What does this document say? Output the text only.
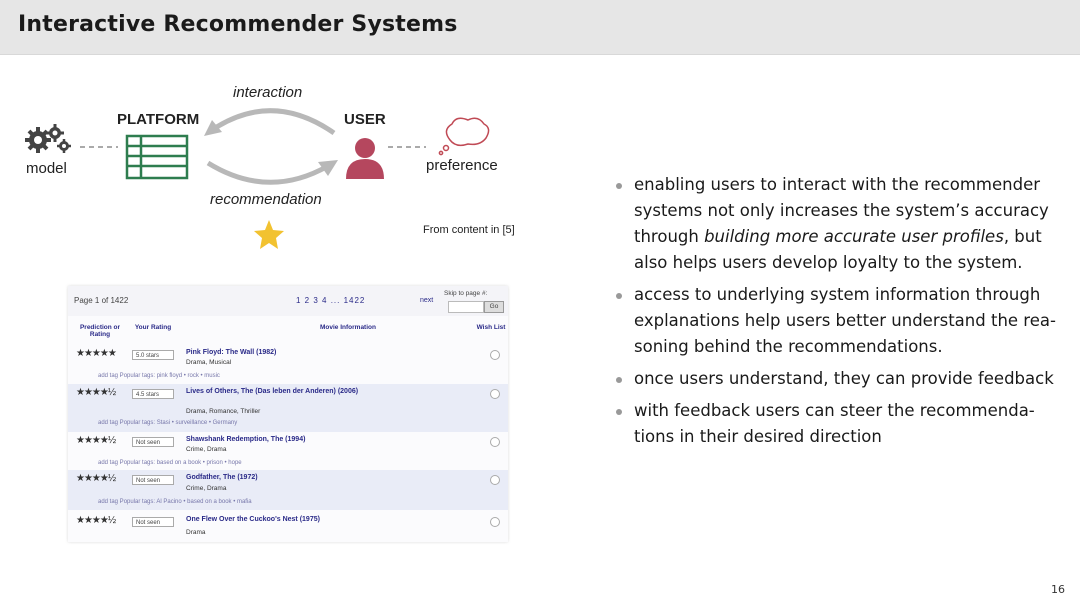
Interactive Recommender Systems
model
PLATFORM	USER
preference
interaction
recommendation
From content in [5]
Page 1 of 1422	1 2 3 4 ... 1422	next
Skip to page #:
Go
Prediction or Rating
Your Rating	Movie Information	Wish List
★★★★★	5.0 stars	Pink Floyd: The Wall (1982)
Drama, Musical
add tag Popular tags: pink floyd • rock • music
★★★★½	4.5 stars	Lives of Others, The (Das leben der Anderen) (2006)
Drama, Romance, Thriller
add tag Popular tags: Stasi • surveillance • Germany
★★★★½	Not seen	Shawshank Redemption, The (1994)
Crime, Drama
add tag Popular tags: based on a book • prison • hope
★★★★½	Not seen	Godfather, The (1972)
Crime, Drama
add tag Popular tags: Al Pacino • based on a book • mafia
★★★★½	Not seen	One Flew Over the Cuckoo's Nest (1975)
Drama
enabling users to interact with the recommender systems not only increases the system’s accuracy through building more accurate user profiles, but also helps users develop loyalty to the system.
access to underlying system information through explanations help users better understand the rea-soning behind the recommendations.
once users understand, they can provide feedback
with feedback users can steer the recommenda-tions in their desired direction
16
